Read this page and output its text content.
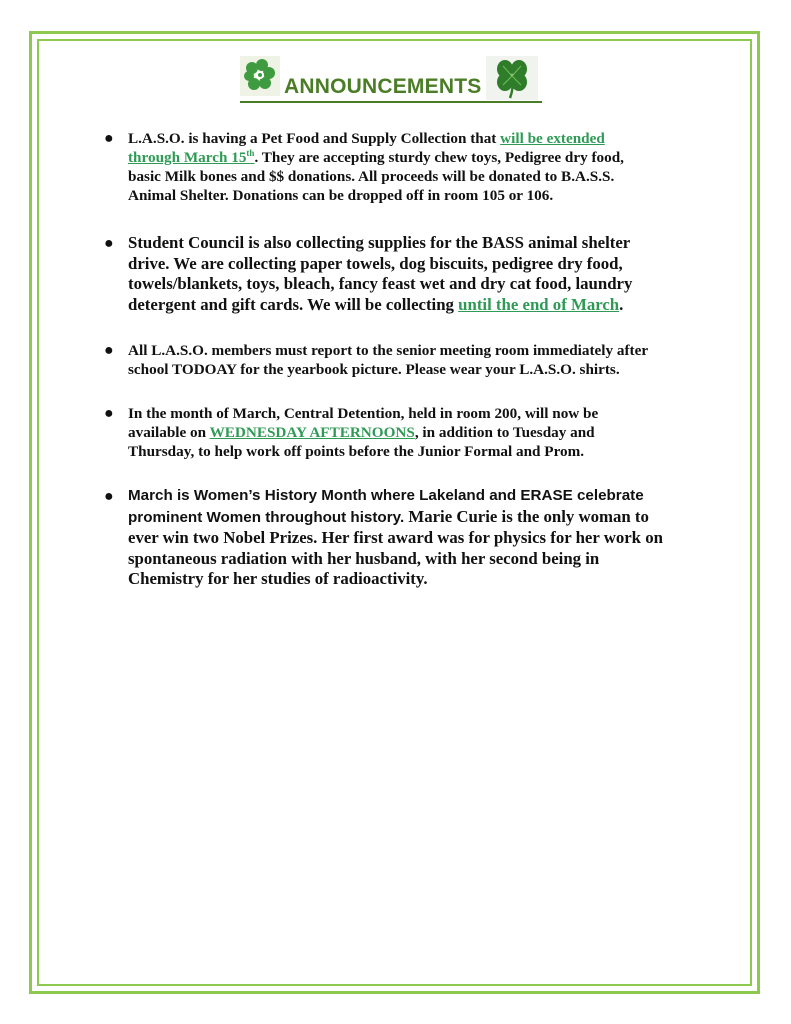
ANNOUNCEMENTS
● L.A.S.O. is having a Pet Food and Supply Collection that will be extended
through March 15th. They are accepting sturdy chew toys, Pedigree dry food,
basic Milk bones and $$ donations. All proceeds will be donated to B.A.S.S.
Animal Shelter. Donations can be dropped off in room 105 or 106.
● Student Council is also collecting supplies for the BASS animal shelter
drive. We are collecting paper towels, dog biscuits, pedigree dry food,
towels/blankets, toys, bleach, fancy feast wet and dry cat food, laundry
detergent and gift cards. We will be collecting until the end of March.
● All L.A.S.O. members must report to the senior meeting room immediately after
school TODOAY for the yearbook picture. Please wear your L.A.S.O. shirts.
● In the month of March, Central Detention, held in room 200, will now be
available on WEDNESDAY AFTERNOONS, in addition to Tuesday and
Thursday, to help work off points before the Junior Formal and Prom.
● March is Women’s History Month where Lakeland and ERASE celebrate
prominent Women throughout history. Marie Curie is the only woman to
ever win two Nobel Prizes. Her first award was for physics for her work on
spontaneous radiation with her husband, with her second being in
Chemistry for her studies of radioactivity.
